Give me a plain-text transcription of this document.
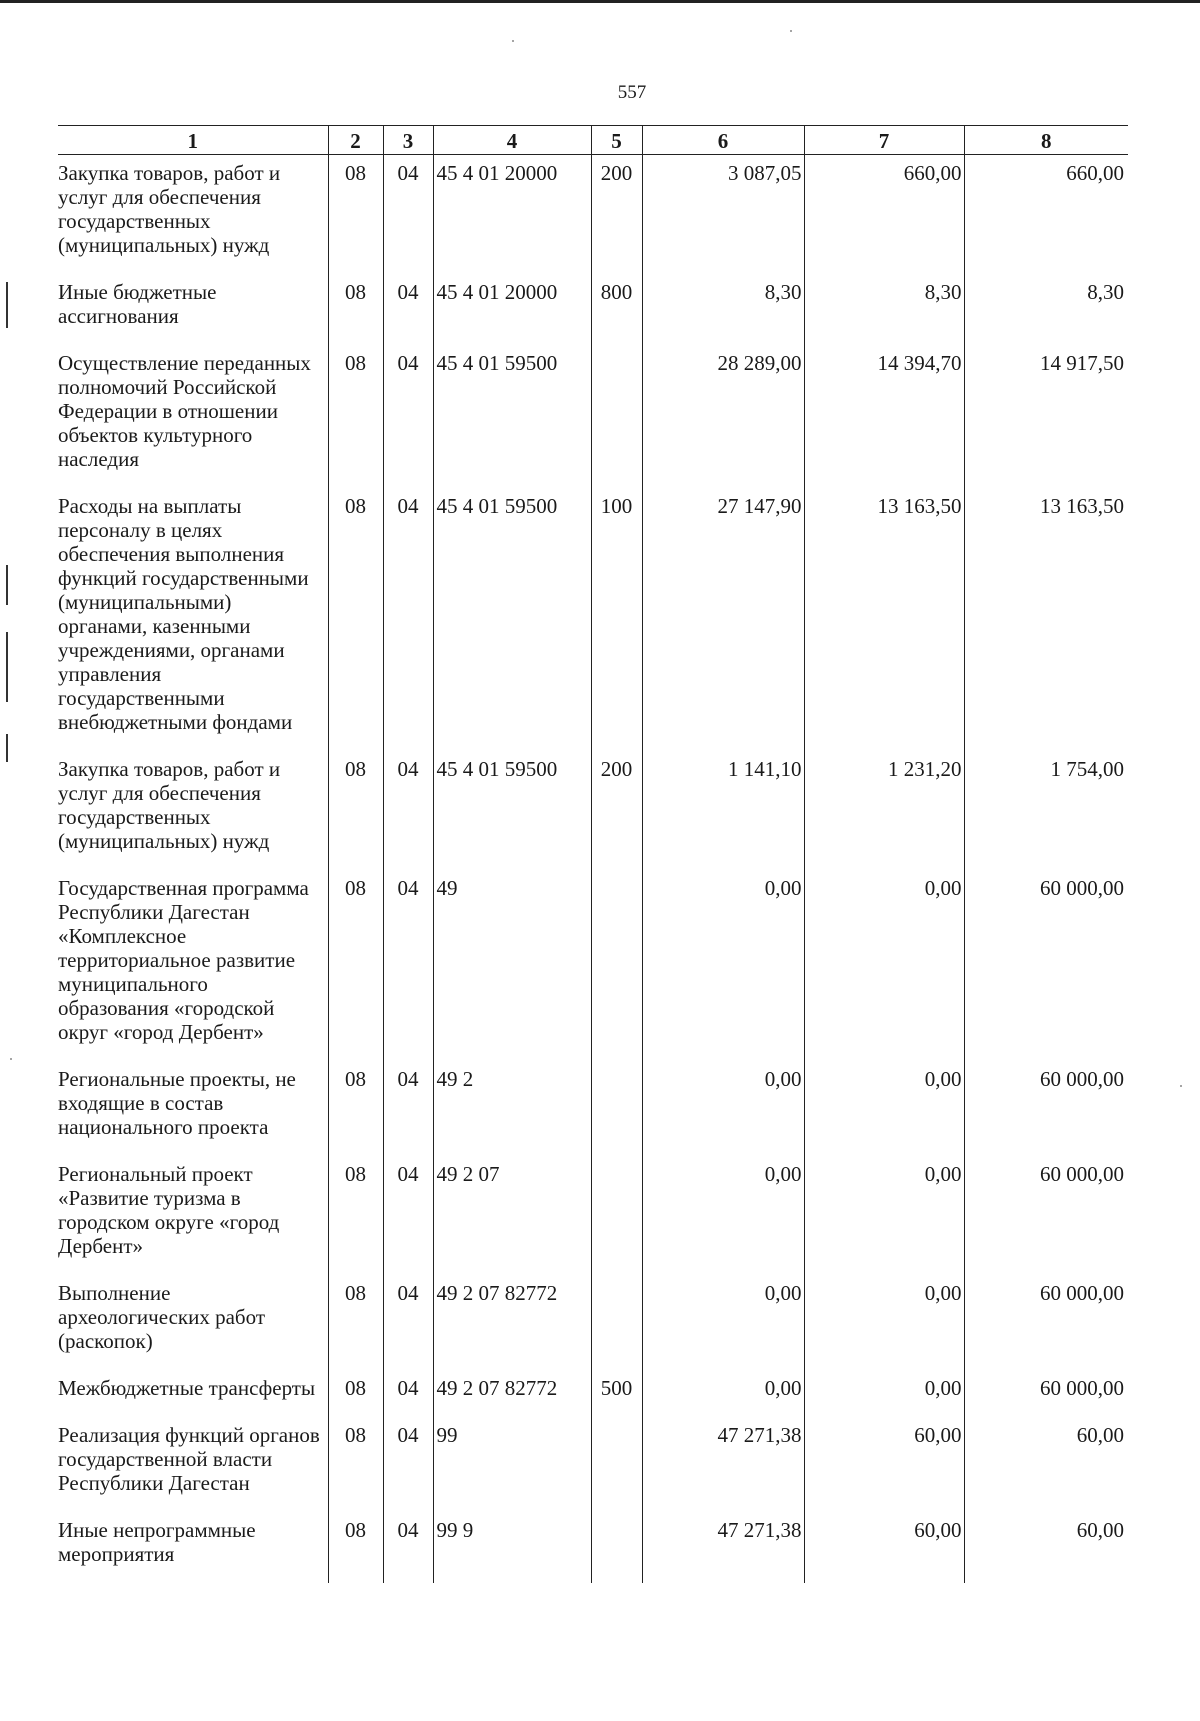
557
1	2	3	4	5	6	7	8
Закупка товаров, работ и услуг для обеспечения государственных (муниципальных) нужд	08	04	45 4 01 20000	200	3 087,05	660,00	660,00
Иные бюджетные ассигнования	08	04	45 4 01 20000	800	8,30	8,30	8,30
Осуществление переданных полномочий Российской Федерации в отношении объектов культурного наследия	08	04	45 4 01 59500		28 289,00	14 394,70	14 917,50
Расходы на выплаты персоналу в целях обеспечения выполнения функций государственными (муниципальными) органами, казенными учреждениями, органами управления государственными внебюджетными фондами	08	04	45 4 01 59500	100	27 147,90	13 163,50	13 163,50
Закупка товаров, работ и услуг для обеспечения государственных (муниципальных) нужд	08	04	45 4 01 59500	200	1 141,10	1 231,20	1 754,00
Государственная программа Республики Дагестан «Комплексное территориальное развитие муниципального образования «городской округ «город Дербент»	08	04	49		0,00	0,00	60 000,00
Региональные проекты, не входящие в состав национального проекта	08	04	49 2		0,00	0,00	60 000,00
Региональный проект «Развитие туризма в городском округе «город Дербент»	08	04	49 2 07		0,00	0,00	60 000,00
Выполнение археологических работ (раскопок)	08	04	49 2 07 82772		0,00	0,00	60 000,00
Межбюджетные трансферты	08	04	49 2 07 82772	500	0,00	0,00	60 000,00
Реализация функций органов государственной власти Республики Дагестан	08	04	99		47 271,38	60,00	60,00
Иные непрограммные мероприятия	08	04	99 9		47 271,38	60,00	60,00
